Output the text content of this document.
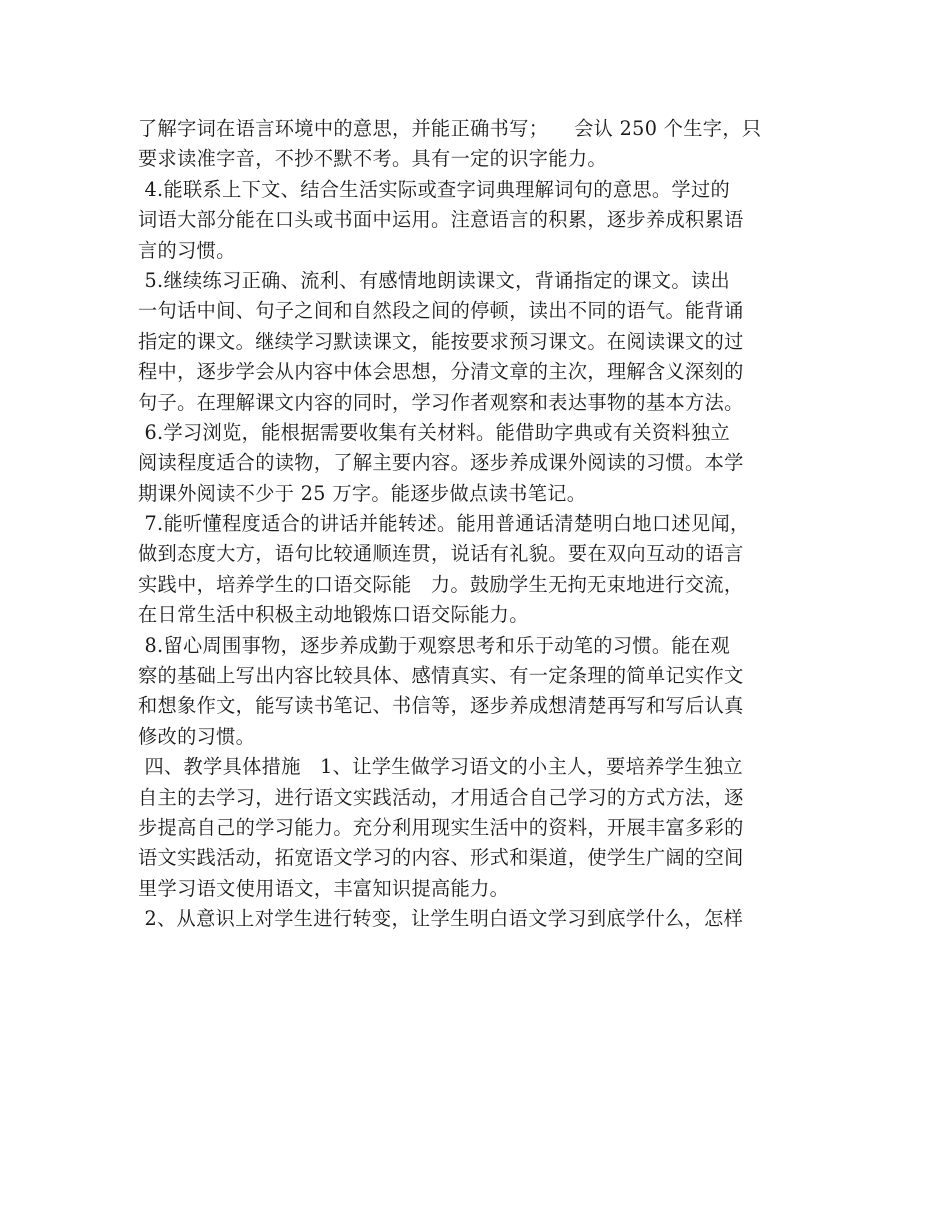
了解字词在语言环境中的意思，并能正确书写；    会认 250 个生字，只
要求读准字音，不抄不默不考。具有一定的识字能力。
4.能联系上下文、结合生活实际或查字词典理解词句的意思。学过的
词语大部分能在口头或书面中运用。注意语言的积累，逐步养成积累语
言的习惯。
5.继续练习正确、流利、有感情地朗读课文，背诵指定的课文。读出
一句话中间、句子之间和自然段之间的停顿，读出不同的语气。能背诵
指定的课文。继续学习默读课文，能按要求预习课文。在阅读课文的过
程中，逐步学会从内容中体会思想，分清文章的主次，理解含义深刻的
句子。在理解课文内容的同时，学习作者观察和表达事物的基本方法。
6.学习浏览，能根据需要收集有关材料。能借助字典或有关资料独立
阅读程度适合的读物，了解主要内容。逐步养成课外阅读的习惯。本学
期课外阅读不少于 25 万字。能逐步做点读书笔记。
7.能听懂程度适合的讲话并能转述。能用普通话清楚明白地口述见闻，
做到态度大方，语句比较通顺连贯，说话有礼貌。要在双向互动的语言
实践中，培养学生的口语交际能   力。鼓励学生无拘无束地进行交流，
在日常生活中积极主动地锻炼口语交际能力。
8.留心周围事物，逐步养成勤于观察思考和乐于动笔的习惯。能在观
察的基础上写出内容比较具体、感情真实、有一定条理的简单记实作文
和想象作文，能写读书笔记、书信等，逐步养成想清楚再写和写后认真
修改的习惯。
四、教学具体措施   1、让学生做学习语文的小主人，要培养学生独立
自主的去学习，进行语文实践活动，才用适合自己学习的方式方法，逐
步提高自己的学习能力。充分利用现实生活中的资料，开展丰富多彩的
语文实践活动，拓宽语文学习的内容、形式和渠道，使学生广阔的空间
里学习语文使用语文，丰富知识提高能力。
2、从意识上对学生进行转变，让学生明白语文学习到底学什么，怎样
